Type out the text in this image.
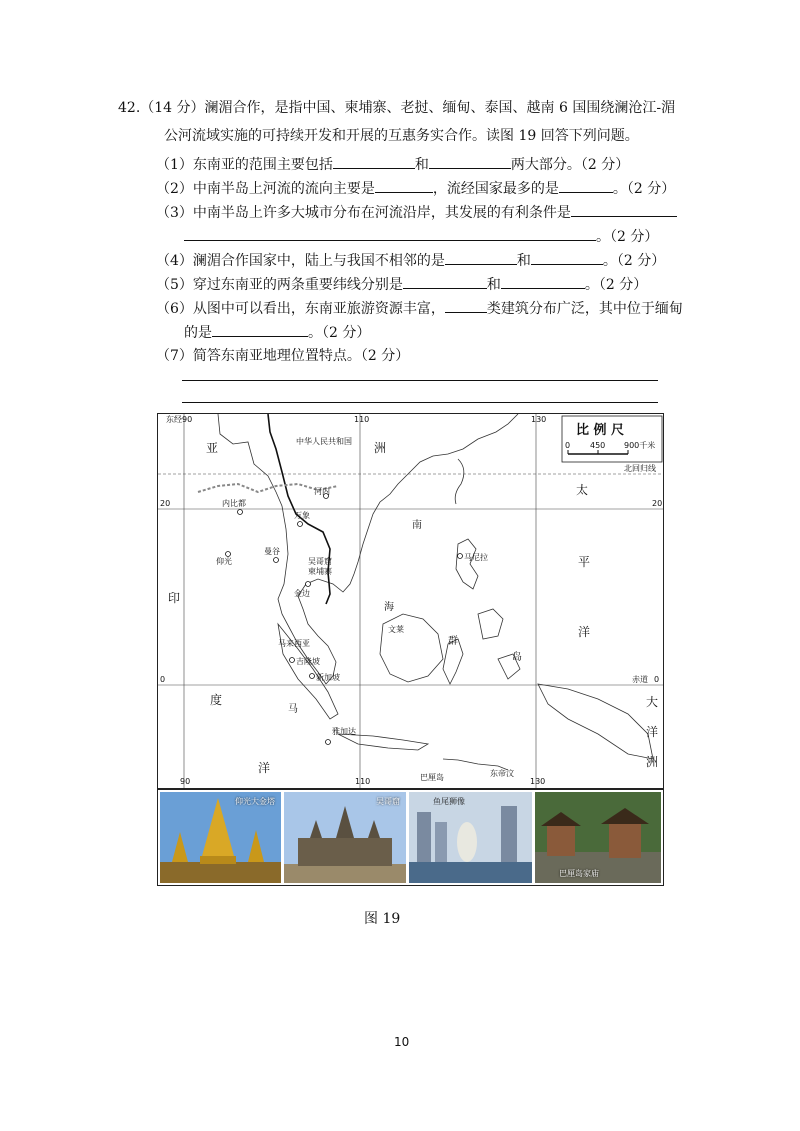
42.（14 分）澜湄合作，是指中国、柬埔寨、老挝、缅甸、泰国、越南 6 国围绕澜沧江-湄
公河流域实施的可持续开发和开展的互惠务实合作。读图 19 回答下列问题。
（1）东南亚的范围主要包括	和	两大部分。（2 分）
（2）中南半岛上河流的流向主要是	，流经国家最多的是	。（2 分）
（3）中南半岛上许多大城市分布在河流沿岸，其发展的有利条件是
。（2 分）
（4）澜湄合作国家中，陆上与我国不相邻的是	和	。（2 分）
（5）穿过东南亚的两条重要纬线分别是	和	。（2 分）
（6）从图中可以看出，东南亚旅游资源丰富，	类建筑分布广泛，其中位于缅甸
的是	。（2 分）
（7）简答东南亚地理位置特点。（2 分）
东经90	110	130
90	110	130
20
0
20
0
北回归线
赤道
比 例 尺
0 450 900千米
亚	洲
中华人民共和国
太
平
洋
印
度
洋
大
洋
洲
南
海
群
岛
马来西亚
马
内比都
仰光
曼谷
万象
河内
金边
吴哥窟
柬埔寨
马尼拉
吉隆坡
新加坡
雅加达
巴厘岛
文莱
东帝汶
仰光大金塔	吴哥窟	鱼尾狮像
巴厘岛家庙
图 19
10
